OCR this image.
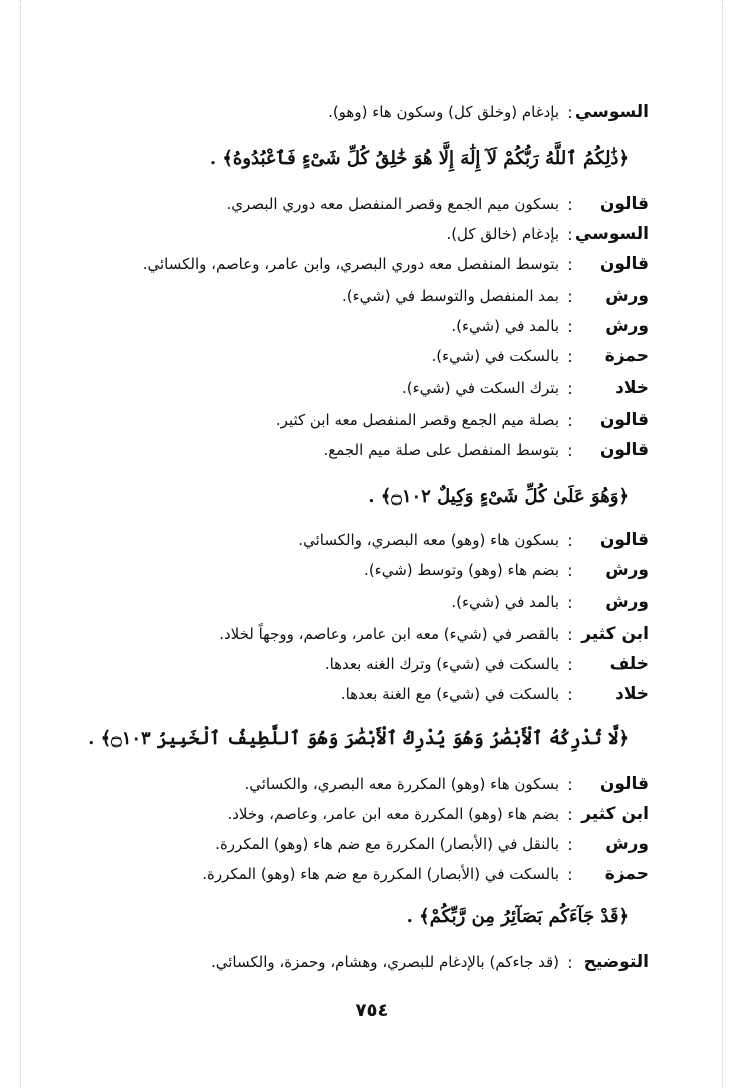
السوسي
:
بإدغام (وخلق كل) وسكون هاء (وهو).
﴿ذَٰلِكُمُ ٱللَّهُ رَبُّكُمْ لَآ إِلَٰهَ إِلَّا هُوَ خَٰلِقُ كُلِّ شَىْءٍ فَٱعْبُدُوهُ﴾ .
قالون
:
بسكون ميم الجمع وقصر المنفصل معه دوري البصري.
السوسي
:
بإدغام (خالق كل).
قالون
:
بتوسط المنفصل معه دوري البصري، وابن عامر، وعاصم، والكسائي.
ورش
:
بمد المنفصل والتوسط في (شيء).
ورش
:
بالمد في (شيء).
حمزة
:
بالسكت في (شيء).
خلاد
:
بترك السكت في (شيء).
قالون
:
بصلة ميم الجمع وقصر المنفصل معه ابن كثير.
قالون
:
بتوسط المنفصل على صلة ميم الجمع.
﴿وَهُوَ عَلَىٰ كُلِّ شَىْءٍ وَكِيلٌ ۝١٠٢﴾ .
قالون
:
بسكون هاء (وهو) معه البصري، والكسائي.
ورش
:
بضم هاء (وهو) وتوسط (شيء).
ورش
:
بالمد في (شيء).
ابن كثير
:
بالقصر في (شيء) معه ابن عامر، وعاصم، ووجهاً لخلاد.
خلف
:
بالسكت في (شيء) وترك الغنه بعدها.
خلاد
:
بالسكت في (شيء) مع الغنة بعدها.
﴿لَّا تُدْرِكُهُ ٱلْأَبْصَٰرُ وَهُوَ يُدْرِكُ ٱلْأَبْصَٰرَ وَهُوَ ٱللَّطِيفُ ٱلْخَبِيرُ ۝١٠٣﴾ .
قالون
:
بسكون هاء (وهو) المكررة معه البصري، والكسائي.
ابن كثير
:
بضم هاء (وهو) المكررة معه ابن عامر، وعاصم، وخلاد.
ورش
:
بالنقل في (الأبصار) المكررة مع ضم هاء (وهو) المكررة.
حمزة
:
بالسكت في (الأبصار) المكررة مع ضم هاء (وهو) المكررة.
﴿قَدْ جَآءَكُم بَصَآئِرُ مِن رَّبِّكُمْ﴾ .
التوضيح
:
(قد جاءكم) بالإدغام للبصري، وهشام، وحمزة، والكسائي.
٧٥٤
